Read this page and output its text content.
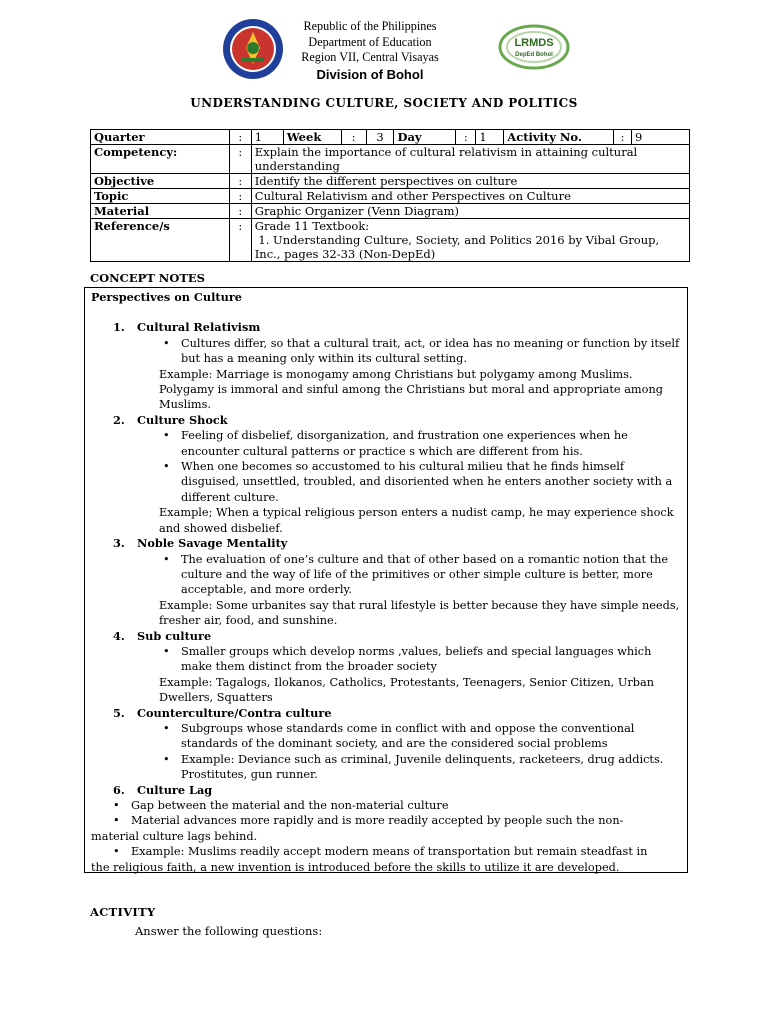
LRMDS
DepEd Bohol
Republic of the Philippines
Department of Education
Region VII, Central Visayas
Division of Bohol
UNDERSTANDING CULTURE, SOCIETY AND POLITICS
Quarter	:	1	Week	:	3	Day	:	1	Activity No.	:	9
Competency:	:	Explain the importance of cultural relativism in attaining cultural understanding									
Objective	:	Identify the different perspectives on culture									
Topic	:	Cultural Relativism and other Perspectives on Culture									
Material	:	Graphic Organizer (Venn Diagram)									
Reference/s	:	Grade 11 Textbook:
1. Understanding Culture, Society, and Politics 2016 by Vibal Group, Inc., pages 32-33 (Non-DepEd)									
CONCEPT NOTES
Perspectives on Culture
1. Cultural Relativism
• Cultures differ, so that a cultural trait, act, or idea has no meaning or function by itself but has a meaning only within its cultural setting.
Example: Marriage is monogamy among Christians but polygamy among Muslims. Polygamy is immoral and sinful among the Christians but moral and appropriate among Muslims.
2. Culture Shock
• Feeling of disbelief, disorganization, and frustration one experiences when he encounter cultural patterns or practice s which are different from his.
• When one becomes so accustomed to his cultural milieu that he finds himself disguised, unsettled, troubled, and disoriented when he enters another society with a different culture.
Example; When a typical religious person enters a nudist camp, he may experience shock and showed disbelief.
3. Noble Savage Mentality
• The evaluation of one’s culture and that of other based on a romantic notion that the culture and the way of life of the primitives or other simple culture is better, more acceptable, and more orderly.
Example: Some urbanites say that rural lifestyle is better because they have simple needs, fresher air, food, and sunshine.
4. Sub culture
• Smaller groups which develop norms ,values, beliefs and special languages which make them distinct from the broader society
Example: Tagalogs, Ilokanos, Catholics, Protestants, Teenagers, Senior Citizen, Urban Dwellers, Squatters
5. Counterculture/Contra culture
• Subgroups whose standards come in conflict with and oppose the conventional standards of the dominant society, and are the considered social problems
• Example: Deviance such as criminal, Juvenile delinquents, racketeers, drug addicts. Prostitutes, gun runner.
6. Culture Lag
•	Gap between the material and the non-material culture
•	Material advances more rapidly and is more readily accepted by people such the non-
material culture lags behind.
•	Example: Muslims readily accept modern means of transportation but remain steadfast in
the religious faith, a new invention is introduced before the skills to utilize it are developed.
ACTIVITY
Answer the following questions:
